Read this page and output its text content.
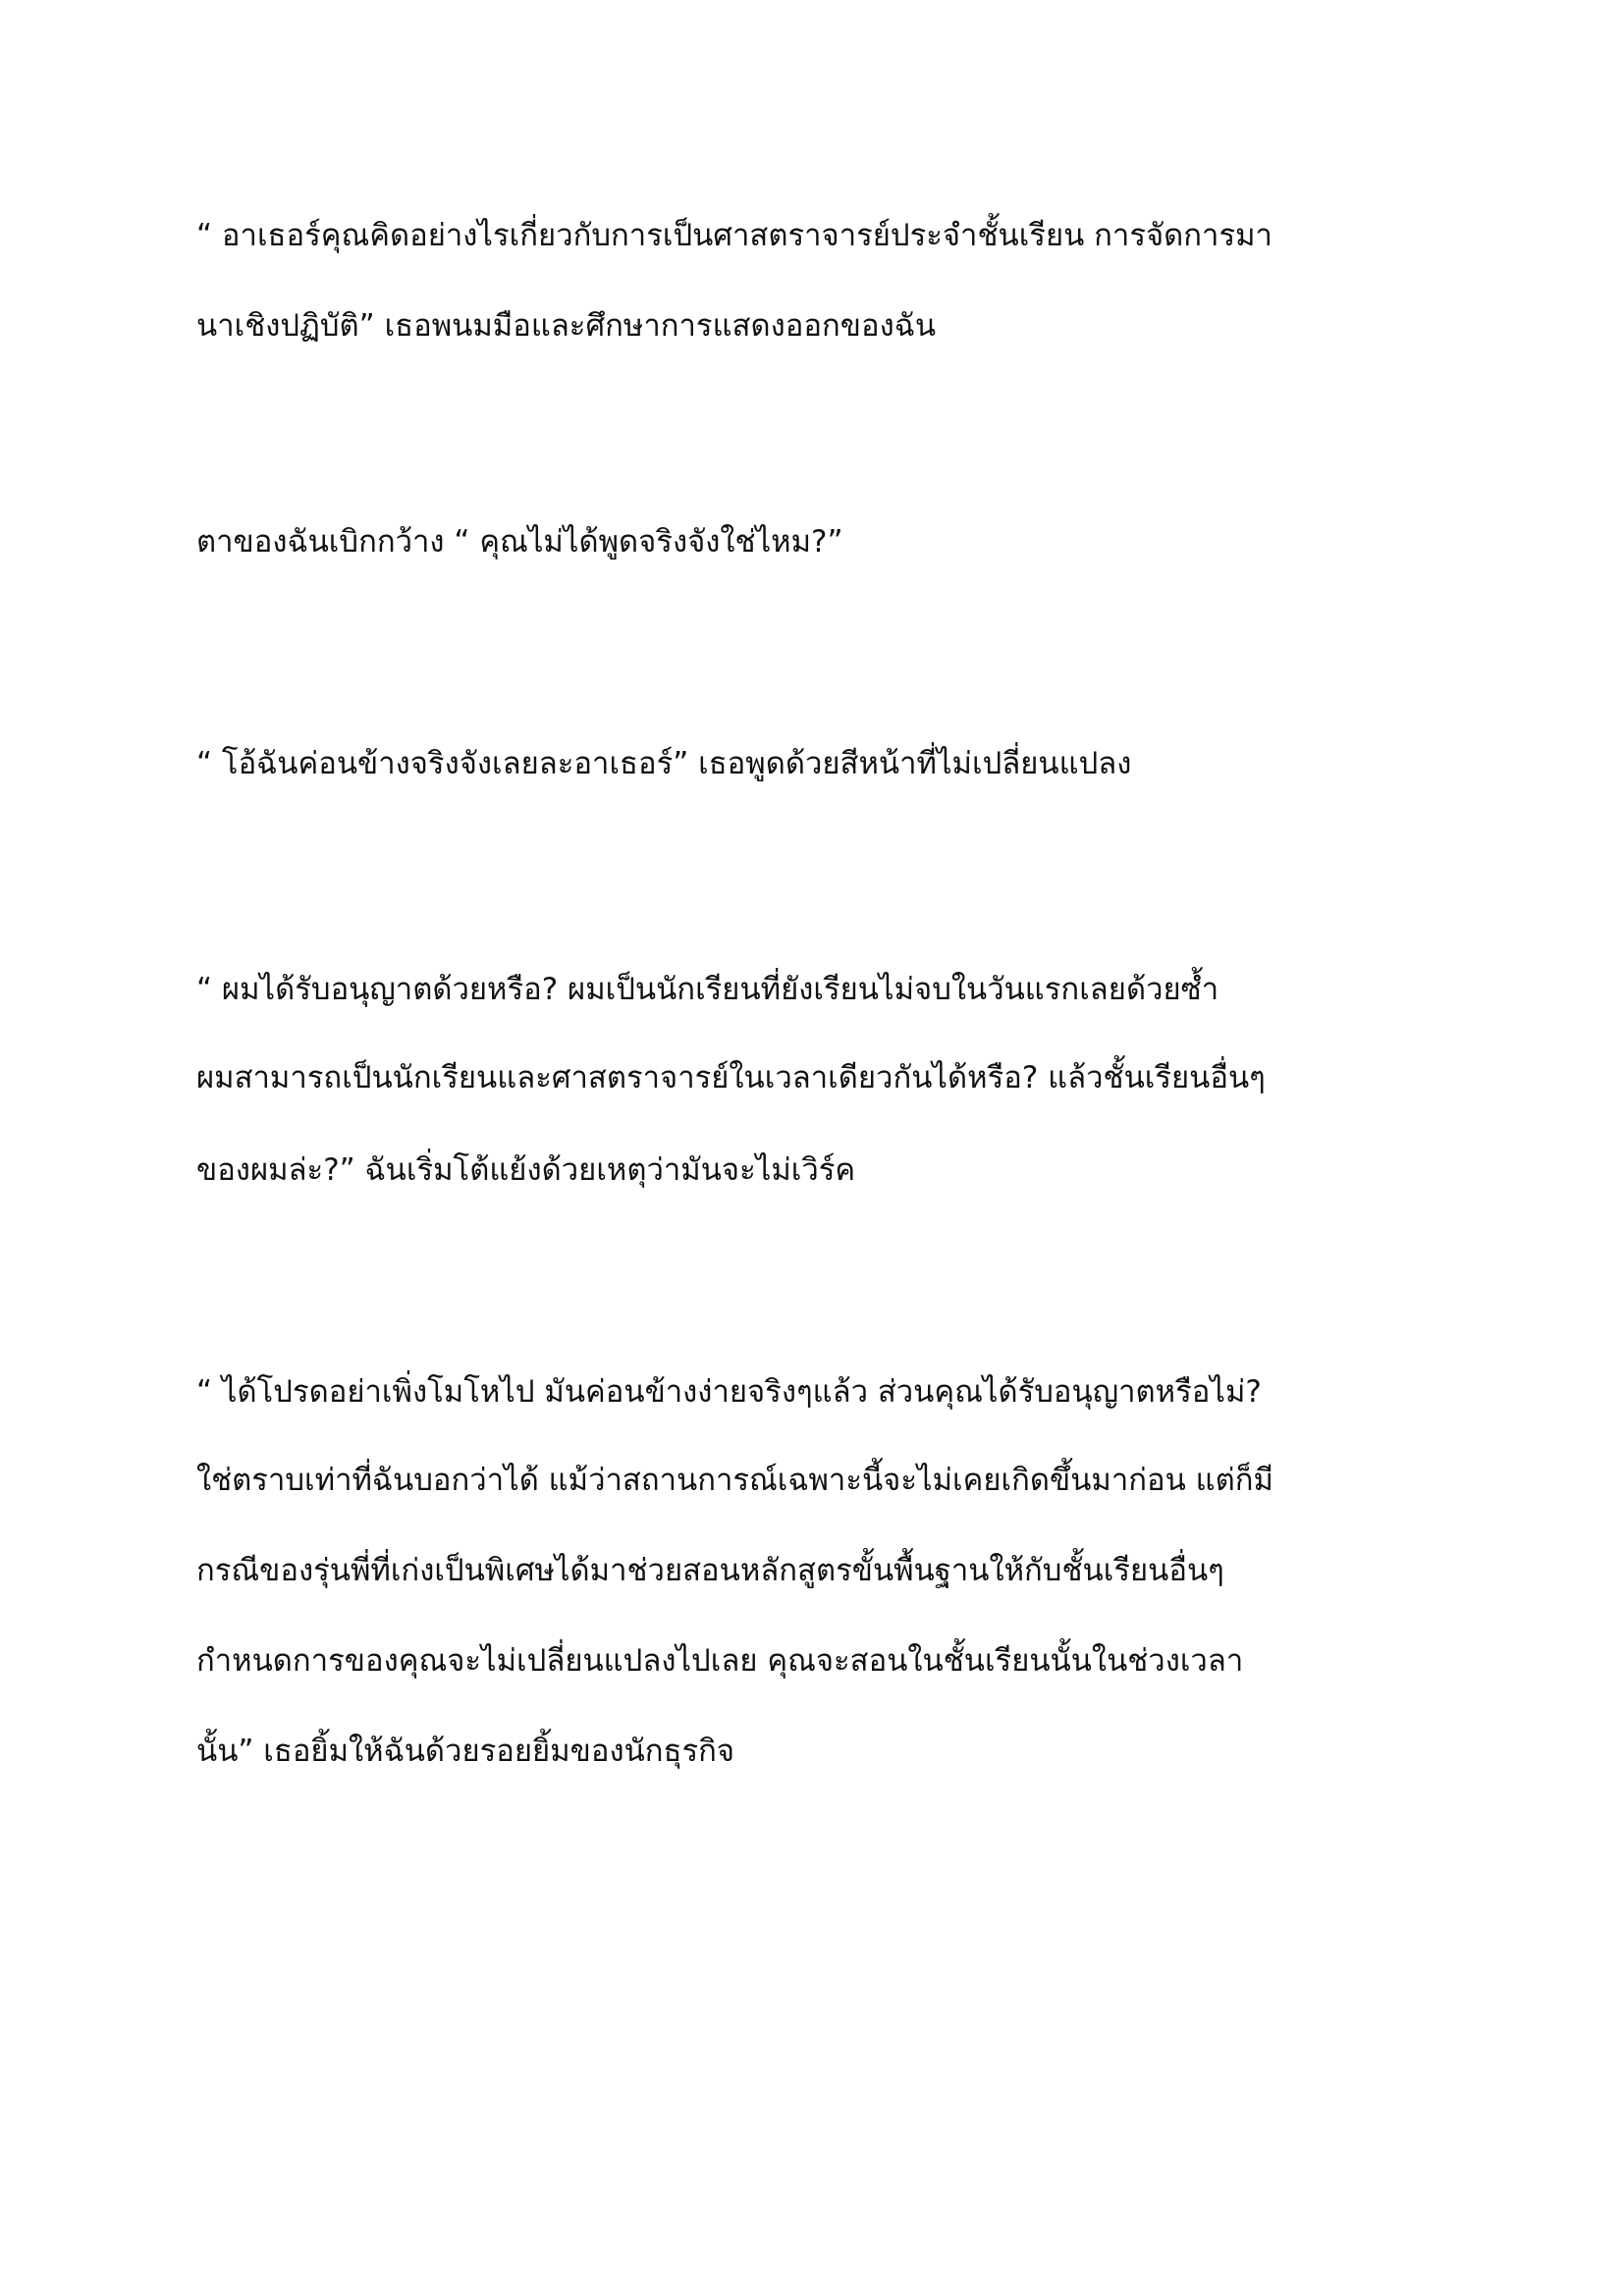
“ อาเธอร์คุณคิดอย่างไรเกี่ยวกับการเป็นศาสตราจารย์ประจำชั้นเรียน การจัดการมา
นาเชิงปฏิบัติ” เธอพนมมือและศึกษาการแสดงออกของฉัน
ตาของฉันเบิกกว้าง “ คุณไม่ได้พูดจริงจังใช่ไหม?”
“ โอ้ฉันค่อนข้างจริงจังเลยละอาเธอร์” เธอพูดด้วยสีหน้าที่ไม่เปลี่ยนแปลง
“ ผมได้รับอนุญาตด้วยหรือ? ผมเป็นนักเรียนที่ยังเรียนไม่จบในวันแรกเลยด้วยซ้ำ
ผมสามารถเป็นนักเรียนและศาสตราจารย์ในเวลาเดียวกันได้หรือ? แล้วชั้นเรียนอื่นๆ
ของผมล่ะ?” ฉันเริ่มโต้แย้งด้วยเหตุว่ามันจะไม่เวิร์ค
“ ได้โปรดอย่าเพิ่งโมโหไป มันค่อนข้างง่ายจริงๆแล้ว ส่วนคุณได้รับอนุญาตหรือไม่?
ใช่ตราบเท่าที่ฉันบอกว่าได้ แม้ว่าสถานการณ์เฉพาะนี้จะไม่เคยเกิดขึ้นมาก่อน แต่ก็มี
กรณีของรุ่นพี่ที่เก่งเป็นพิเศษได้มาช่วยสอนหลักสูตรขั้นพื้นฐานให้กับชั้นเรียนอื่นๆ
กำหนดการของคุณจะไม่เปลี่ยนแปลงไปเลย คุณจะสอนในชั้นเรียนนั้นในช่วงเวลา
นั้น” เธอยิ้มให้ฉันด้วยรอยยิ้มของนักธุรกิจ
